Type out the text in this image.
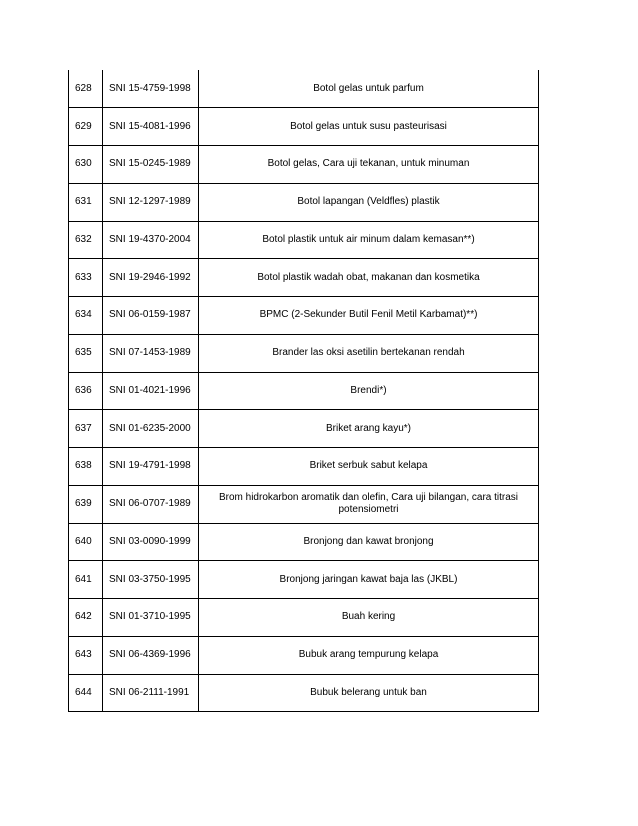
628	SNI 15-4759-1998	Botol gelas untuk parfum
629	SNI 15-4081-1996	Botol gelas untuk susu pasteurisasi
630	SNI 15-0245-1989	Botol gelas, Cara uji tekanan, untuk minuman
631	SNI 12-1297-1989	Botol lapangan (Veldfles) plastik
632	SNI 19-4370-2004	Botol plastik untuk air minum dalam kemasan**)
633	SNI 19-2946-1992	Botol plastik wadah obat, makanan dan kosmetika
634	SNI 06-0159-1987	BPMC (2-Sekunder Butil Fenil Metil Karbamat)**)
635	SNI 07-1453-1989	Brander las oksi asetilin bertekanan rendah
636	SNI 01-4021-1996	Brendi*)
637	SNI 01-6235-2000	Briket arang kayu*)
638	SNI 19-4791-1998	Briket serbuk sabut kelapa
639	SNI 06-0707-1989	Brom hidrokarbon aromatik dan olefin, Cara uji bilangan, cara titrasi potensiometri
640	SNI 03-0090-1999	Bronjong dan kawat bronjong
641	SNI 03-3750-1995	Bronjong jaringan kawat baja las (JKBL)
642	SNI 01-3710-1995	Buah kering
643	SNI 06-4369-1996	Bubuk arang tempurung kelapa
644	SNI 06-2111-1991	Bubuk belerang untuk ban
